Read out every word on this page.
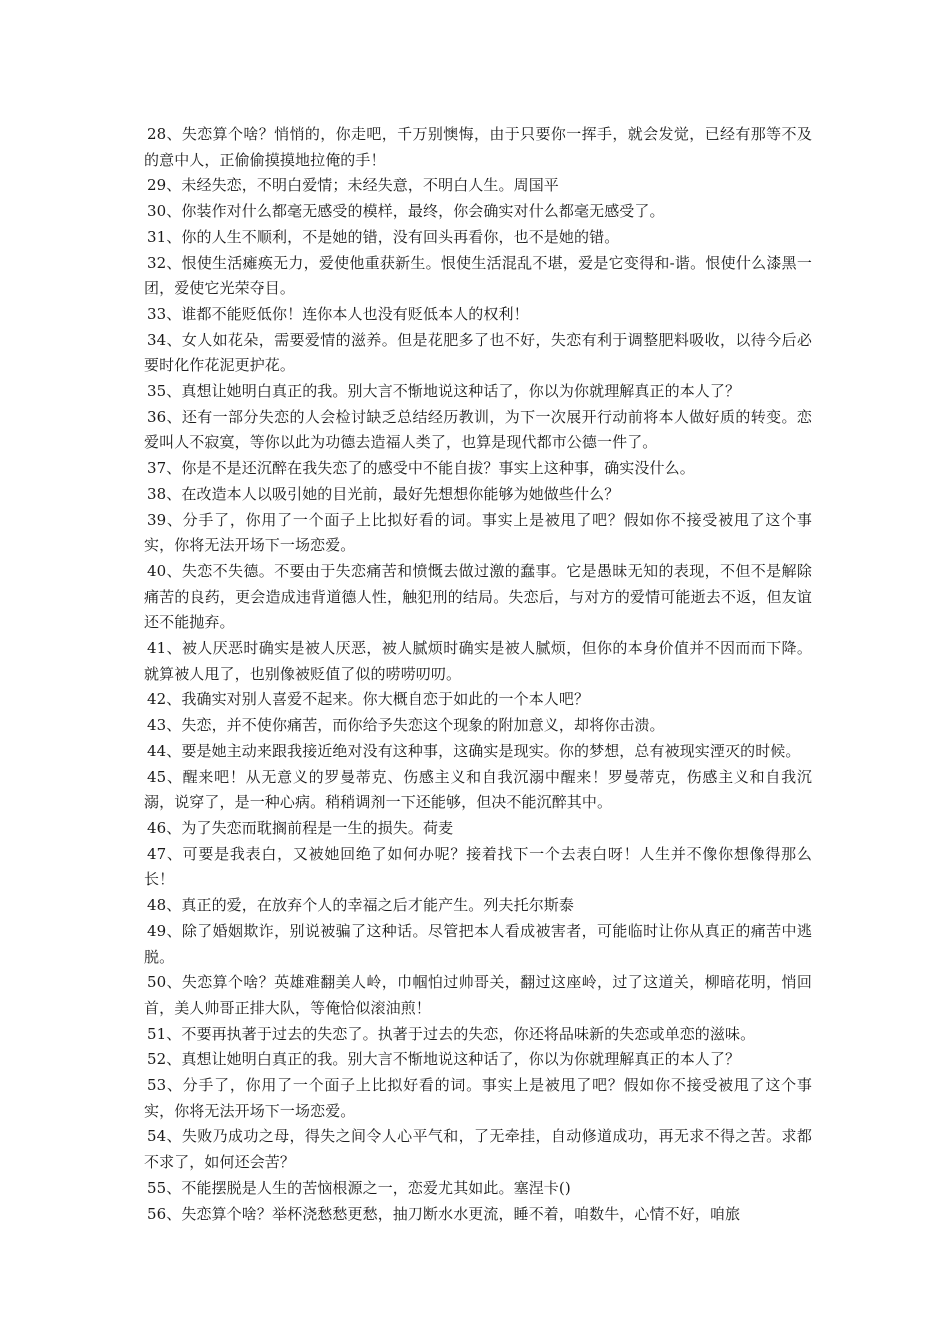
28、失恋算个啥？悄悄的，你走吧，千万别懊悔，由于只要你一挥手，就会发觉，已经有那等不及的意中人，正偷偷摸摸地拉俺的手！

29、未经失恋，不明白爱情；未经失意，不明白人生。周国平

30、你装作对什么都毫无感受的模样，最终，你会确实对什么都毫无感受了。

31、你的人生不顺利，不是她的错，没有回头再看你，也不是她的错。

32、恨使生活瘫痪无力，爱使他重获新生。恨使生活混乱不堪，爱是它变得和-谐。恨使什么漆黑一团，爱使它光荣夺目。

33、谁都不能贬低你！连你本人也没有贬低本人的权利！

34、女人如花朵，需要爱情的滋养。但是花肥多了也不好，失恋有利于调整肥料吸收，以待今后必要时化作花泥更护花。

35、真想让她明白真正的我。别大言不惭地说这种话了，你以为你就理解真正的本人了？

36、还有一部分失恋的人会检讨缺乏总结经历教训，为下一次展开行动前将本人做好质的转变。恋爱叫人不寂寞，等你以此为功德去造福人类了，也算是现代都市公德一件了。

37、你是不是还沉醉在我失恋了的感受中不能自拔？事实上这种事，确实没什么。

38、在改造本人以吸引她的目光前，最好先想想你能够为她做些什么？

39、分手了，你用了一个面子上比拟好看的词。事实上是被甩了吧？假如你不接受被甩了这个事实，你将无法开场下一场恋爱。

40、失恋不失德。不要由于失恋痛苦和愤慨去做过激的蠢事。它是愚昧无知的表现，不但不是解除痛苦的良药，更会造成违背道德人性，触犯刑的结局。失恋后，与对方的爱情可能逝去不返，但友谊还不能抛弃。

41、被人厌恶时确实是被人厌恶，被人腻烦时确实是被人腻烦，但你的本身价值并不因而而下降。就算被人甩了，也别像被贬值了似的唠唠叨叨。

42、我确实对别人喜爱不起来。你大概自恋于如此的一个本人吧？

43、失恋，并不使你痛苦，而你给予失恋这个现象的附加意义，却将你击溃。

44、要是她主动来跟我接近绝对没有这种事，这确实是现实。你的梦想，总有被现实湮灭的时候。

45、醒来吧！从无意义的罗曼蒂克、伤感主义和自我沉溺中醒来！罗曼蒂克，伤感主义和自我沉溺，说穿了，是一种心病。稍稍调剂一下还能够，但决不能沉醉其中。

46、为了失恋而耽搁前程是一生的损失。荷麦

47、可要是我表白，又被她回绝了如何办呢？接着找下一个去表白呀！人生并不像你想像得那么长！

48、真正的爱，在放弃个人的幸福之后才能产生。列夫托尔斯泰

49、除了婚姻欺诈，别说被骗了这种话。尽管把本人看成被害者，可能临时让你从真正的痛苦中逃脱。

50、失恋算个啥？英雄难翻美人岭，巾帼怕过帅哥关，翻过这座岭，过了这道关，柳暗花明，悄回首，美人帅哥正排大队，等俺恰似滚油煎！

51、不要再执著于过去的失恋了。执著于过去的失恋，你还将品味新的失恋或单恋的滋味。

52、真想让她明白真正的我。别大言不惭地说这种话了，你以为你就理解真正的本人了？

53、分手了，你用了一个面子上比拟好看的词。事实上是被甩了吧？假如你不接受被甩了这个事实，你将无法开场下一场恋爱。

54、失败乃成功之母，得失之间令人心平气和，了无牵挂，自动修道成功，再无求不得之苦。求都不求了，如何还会苦？

55、不能摆脱是人生的苦恼根源之一，恋爱尤其如此。塞涅卡()

56、失恋算个啥？举杯浇愁愁更愁，抽刀断水水更流，睡不着，咱数牛，心情不好，咱旅
